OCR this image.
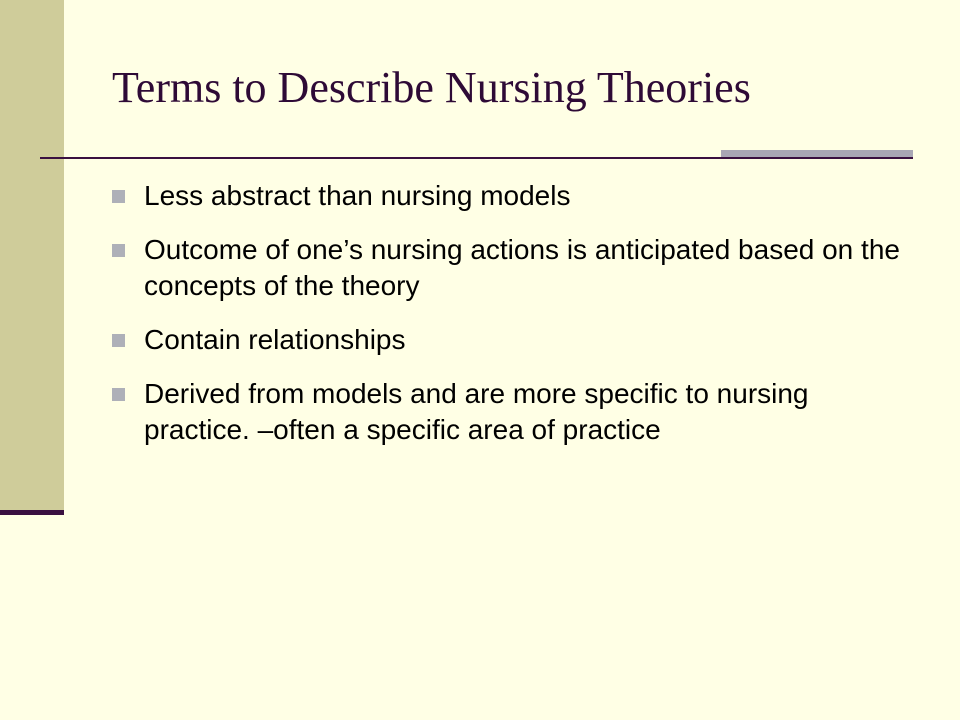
Terms to Describe Nursing Theories
Less abstract than nursing models
Outcome of one’s nursing actions is anticipated based on the concepts of the theory
Contain relationships
Derived from models and are more specific to nursing practice. –often a specific area of practice
